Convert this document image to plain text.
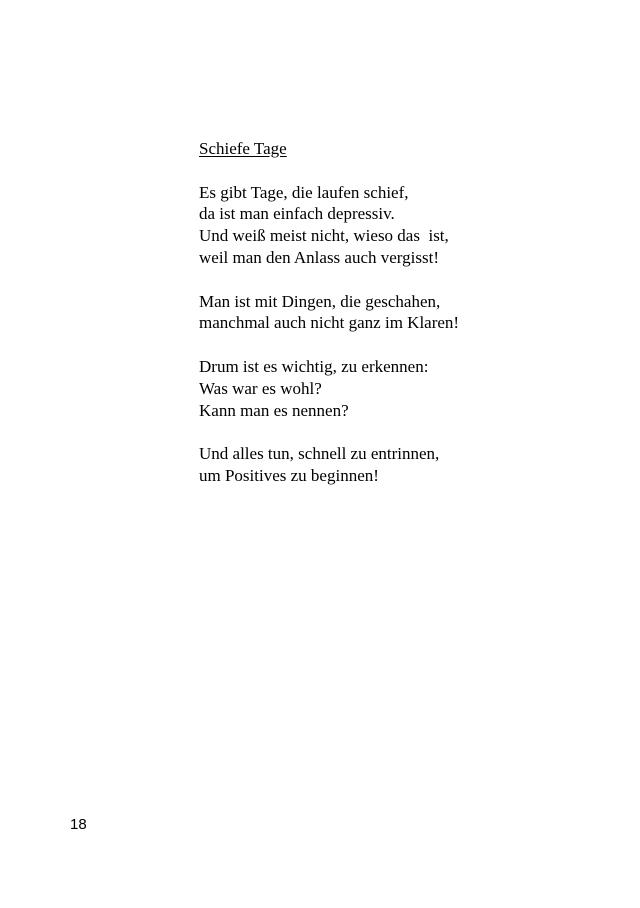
Schiefe Tage
Es gibt Tage, die laufen schief,
da ist man einfach depressiv.
Und weiß meist nicht, wieso das  ist,
weil man den Anlass auch vergisst!
Man ist mit Dingen, die geschahen,
manchmal auch nicht ganz im Klaren!
Drum ist es wichtig, zu erkennen:
Was war es wohl?
Kann man es nennen?
Und alles tun, schnell zu entrinnen,
um Positives zu beginnen!
18
